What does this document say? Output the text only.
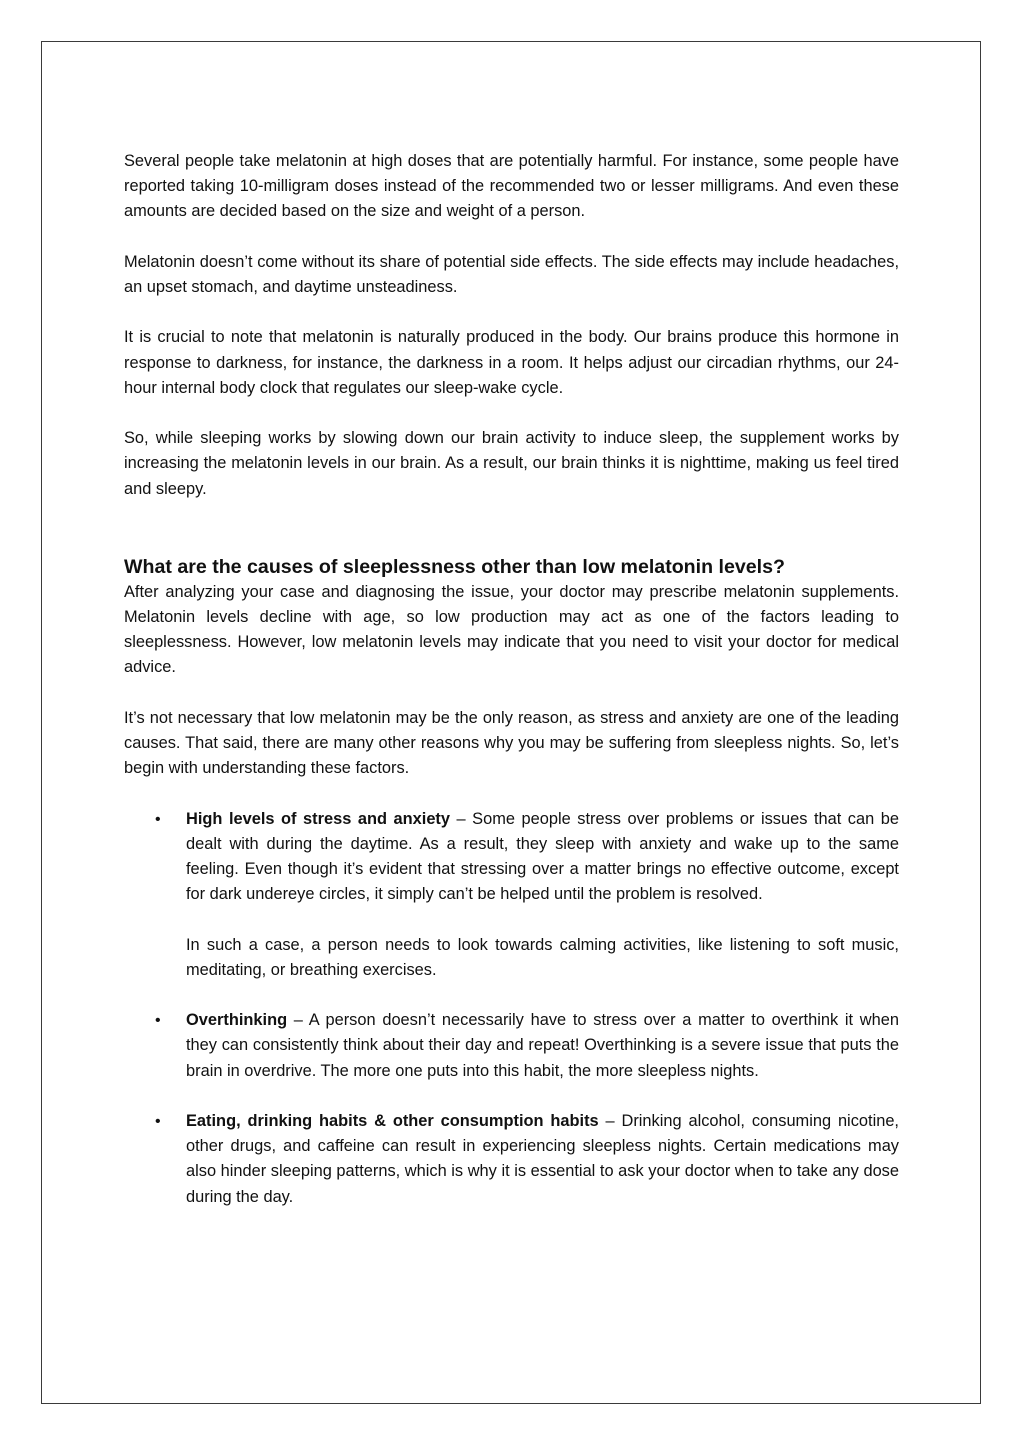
Several people take melatonin at high doses that are potentially harmful. For instance, some people have reported taking 10-milligram doses instead of the recommended two or lesser milligrams. And even these amounts are decided based on the size and weight of a person.

Melatonin doesn’t come without its share of potential side effects. The side effects may include headaches, an upset stomach, and daytime unsteadiness.

It is crucial to note that melatonin is naturally produced in the body. Our brains produce this hormone in response to darkness, for instance, the darkness in a room. It helps adjust our circadian rhythms, our 24-hour internal body clock that regulates our sleep-wake cycle.

So, while sleeping works by slowing down our brain activity to induce sleep, the supplement works by increasing the melatonin levels in our brain. As a result, our brain thinks it is nighttime, making us feel tired and sleepy.

What are the causes of sleeplessness other than low melatonin levels?

After analyzing your case and diagnosing the issue, your doctor may prescribe melatonin supplements. Melatonin levels decline with age, so low production may act as one of the factors leading to sleeplessness. However, low melatonin levels may indicate that you need to visit your doctor for medical advice.

It’s not necessary that low melatonin may be the only reason, as stress and anxiety are one of the leading causes. That said, there are many other reasons why you may be suffering from sleepless nights. So, let’s begin with understanding these factors.

•	High levels of stress and anxiety – Some people stress over problems or issues that can be dealt with during the daytime. As a result, they sleep with anxiety and wake up to the same feeling. Even though it’s evident that stressing over a matter brings no effective outcome, except for dark undereye circles, it simply can’t be helped until the problem is resolved.

In such a case, a person needs to look towards calming activities, like listening to soft music, meditating, or breathing exercises.

•	Overthinking – A person doesn’t necessarily have to stress over a matter to overthink it when they can consistently think about their day and repeat! Overthinking is a severe issue that puts the brain in overdrive. The more one puts into this habit, the more sleepless nights.

•	Eating, drinking habits & other consumption habits – Drinking alcohol, consuming nicotine, other drugs, and caffeine can result in experiencing sleepless nights. Certain medications may also hinder sleeping patterns, which is why it is essential to ask your doctor when to take any dose during the day.
